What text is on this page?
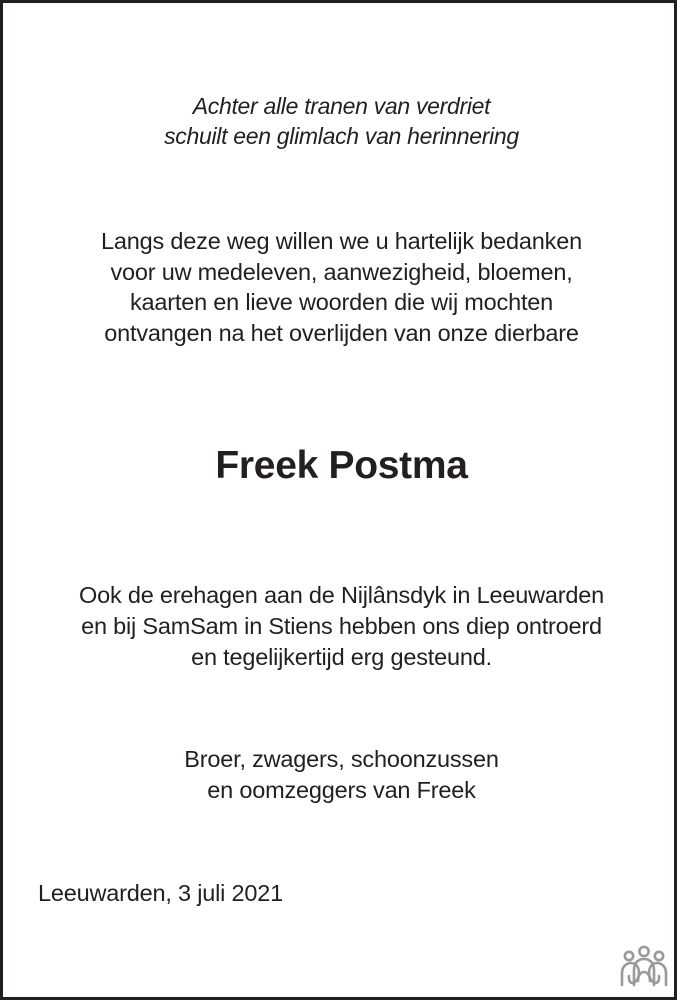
Achter alle tranen van verdriet
schuilt een glimlach van herinnering
Langs deze weg willen we u hartelijk bedanken
voor uw medeleven, aanwezigheid, bloemen,
kaarten en lieve woorden die wij mochten
ontvangen na het overlijden van onze dierbare
Freek Postma
Ook de erehagen aan de Nijlânsdyk in Leeuwarden
en bij SamSam in Stiens hebben ons diep ontroerd
en tegelijkertijd erg gesteund.
Broer, zwagers, schoonzussen
en oomzeggers van Freek
Leeuwarden, 3 juli 2021
